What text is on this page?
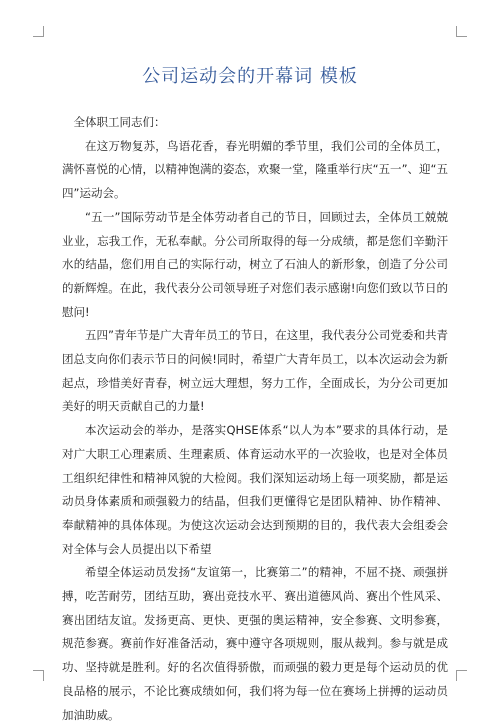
公司运动会的开幕词 模板

全体职工同志们：

在这万物复苏，鸟语花香，春光明媚的季节里，我们公司的全体员工，满怀喜悦的心情，以精神饱满的姿态，欢聚一堂，隆重举行庆“五一”、迎“五四”运动会。

“五一”国际劳动节是全体劳动者自己的节日，回顾过去，全体员工兢兢业业，忘我工作，无私奉献。分公司所取得的每一分成绩，都是您们辛勤汗水的结晶，您们用自己的实际行动，树立了石油人的新形象，创造了分公司的新辉煌。在此，我代表分公司领导班子对您们表示感谢!向您们致以节日的慰问!

五四”青年节是广大青年员工的节日，在这里，我代表分公司党委和共青团总支向你们表示节日的问候!同时，希望广大青年员工，以本次运动会为新起点，珍惜美好青春，树立远大理想，努力工作，全面成长，为分公司更加美好的明天贡献自己的力量!

本次运动会的举办，是落实QHSE体系“以人为本”要求的具体行动，是对广大职工心理素质、生理素质、体育运动水平的一次验收，也是对全体员工组织纪律性和精神风貌的大检阅。我们深知运动场上每一项奖励，都是运动员身体素质和顽强毅力的结晶，但我们更懂得它是团队精神、协作精神、奉献精神的具体体现。为使这次运动会达到预期的目的，我代表大会组委会对全体与会人员提出以下希望

希望全体运动员发扬“友谊第一，比赛第二”的精神，不屈不挠、顽强拼搏，吃苦耐劳，团结互助，赛出竞技水平、赛出道德风尚、赛出个性风采、赛出团结友谊。发扬更高、更快、更强的奥运精神，安全参赛、文明参赛，规范参赛。赛前作好准备活动，赛中遵守各项规则，服从裁判。参与就是成功、坚持就是胜利。好的名次值得骄傲，而顽强的毅力更是每个运动员的优良品格的展示，不论比赛成绩如何，我们将为每一位在赛场上拼搏的运动员加油助威。
